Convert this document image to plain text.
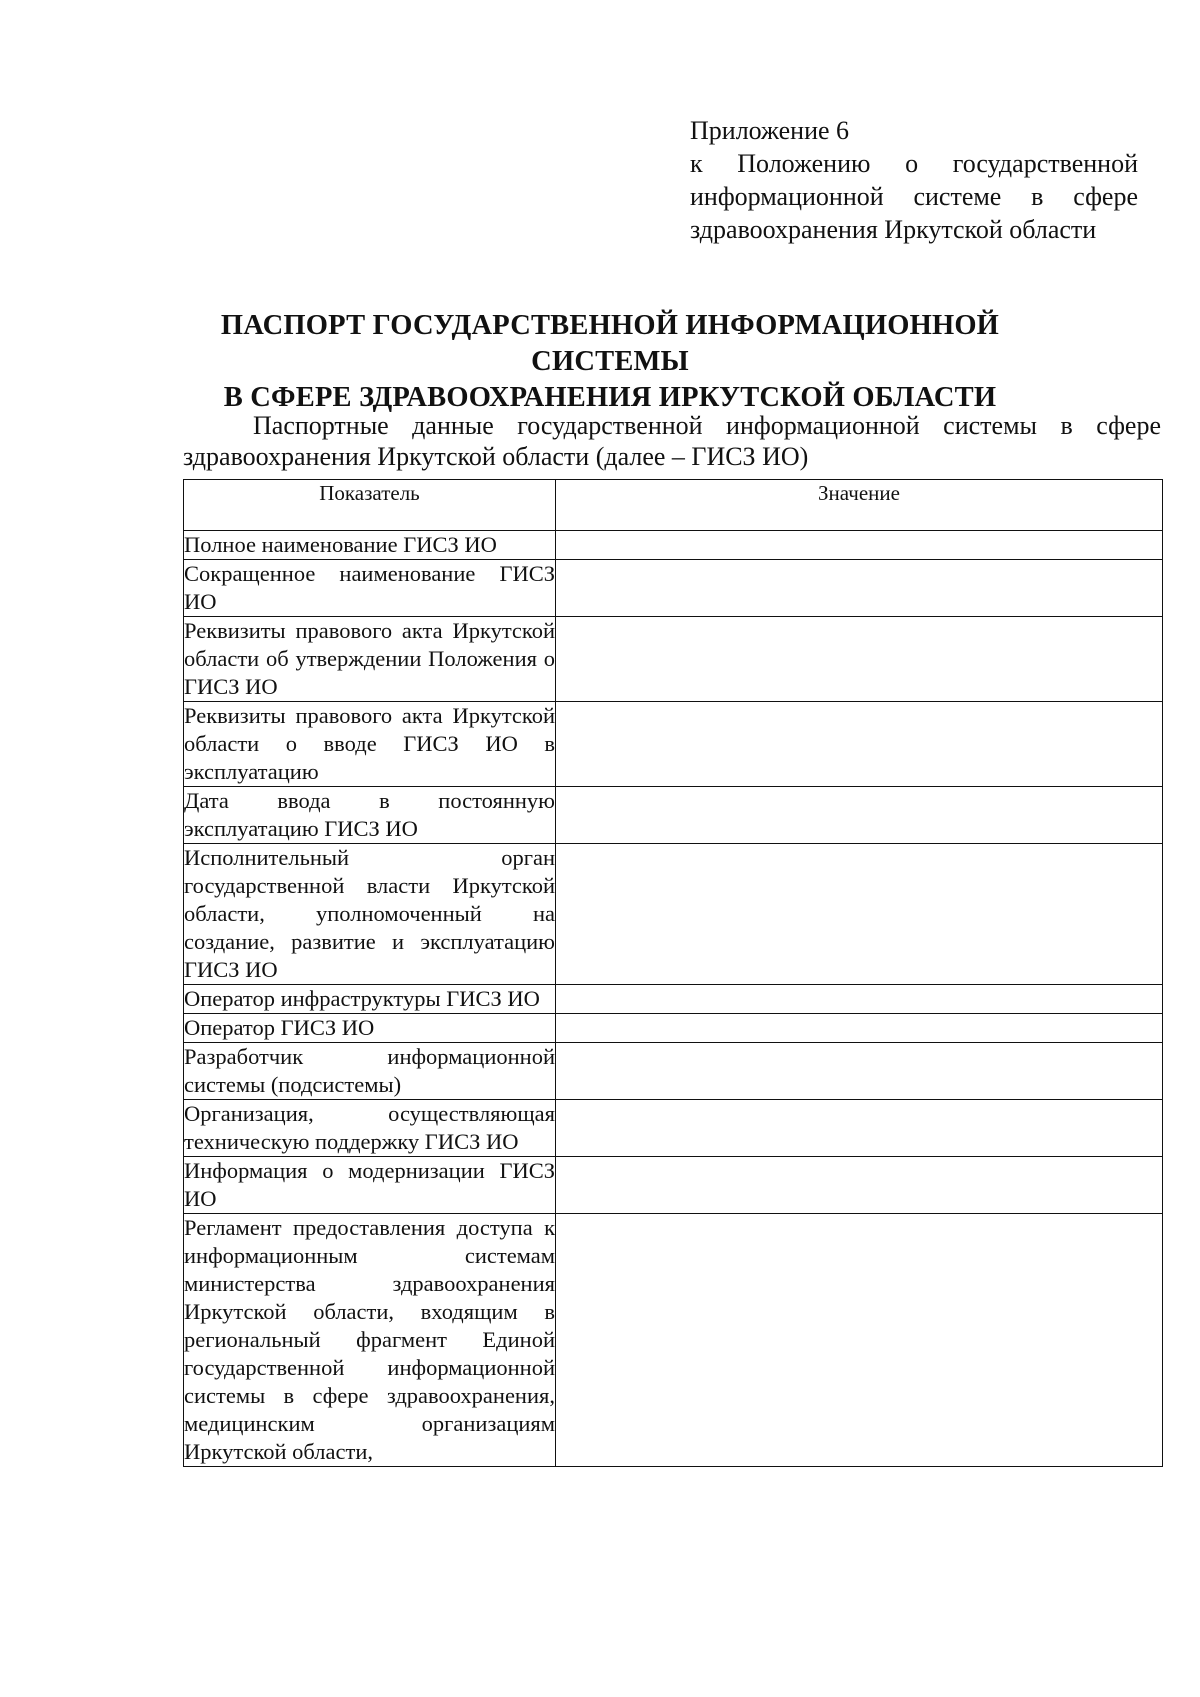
Приложение 6
к Положению о государственной информационной системе в сфере здравоохранения Иркутской области
ПАСПОРТ ГОСУДАРСТВЕННОЙ ИНФОРМАЦИОННОЙ СИСТЕМЫ
В СФЕРЕ ЗДРАВООХРАНЕНИЯ ИРКУТСКОЙ ОБЛАСТИ
Паспортные данные государственной информационной системы в сфере здравоохранения Иркутской области (далее – ГИСЗ ИО)
Показатель	Значение
Полное наименование ГИСЗ ИО	
Сокращенное наименование ГИСЗ ИО	
Реквизиты правового акта Иркутской области об утверждении Положения о ГИСЗ ИО	
Реквизиты правового акта Иркутской области о вводе ГИСЗ ИО в эксплуатацию	
Дата ввода в постоянную эксплуатацию ГИСЗ ИО	
Исполнительный орган государственной власти Иркутской области, уполномоченный на создание, развитие и эксплуатацию ГИСЗ ИО	
Оператор инфраструктуры ГИСЗ ИО	
Оператор ГИСЗ ИО	
Разработчик информационной системы (подсистемы)	
Организация, осуществляющая техническую поддержку ГИСЗ ИО	
Информация о модернизации ГИСЗ ИО	
Регламент предоставления доступа к информационным системам министерства здравоохранения Иркутской области, входящим в региональный фрагмент Единой государственной информационной системы в сфере здравоохранения, медицинским организациям Иркутской области,	
